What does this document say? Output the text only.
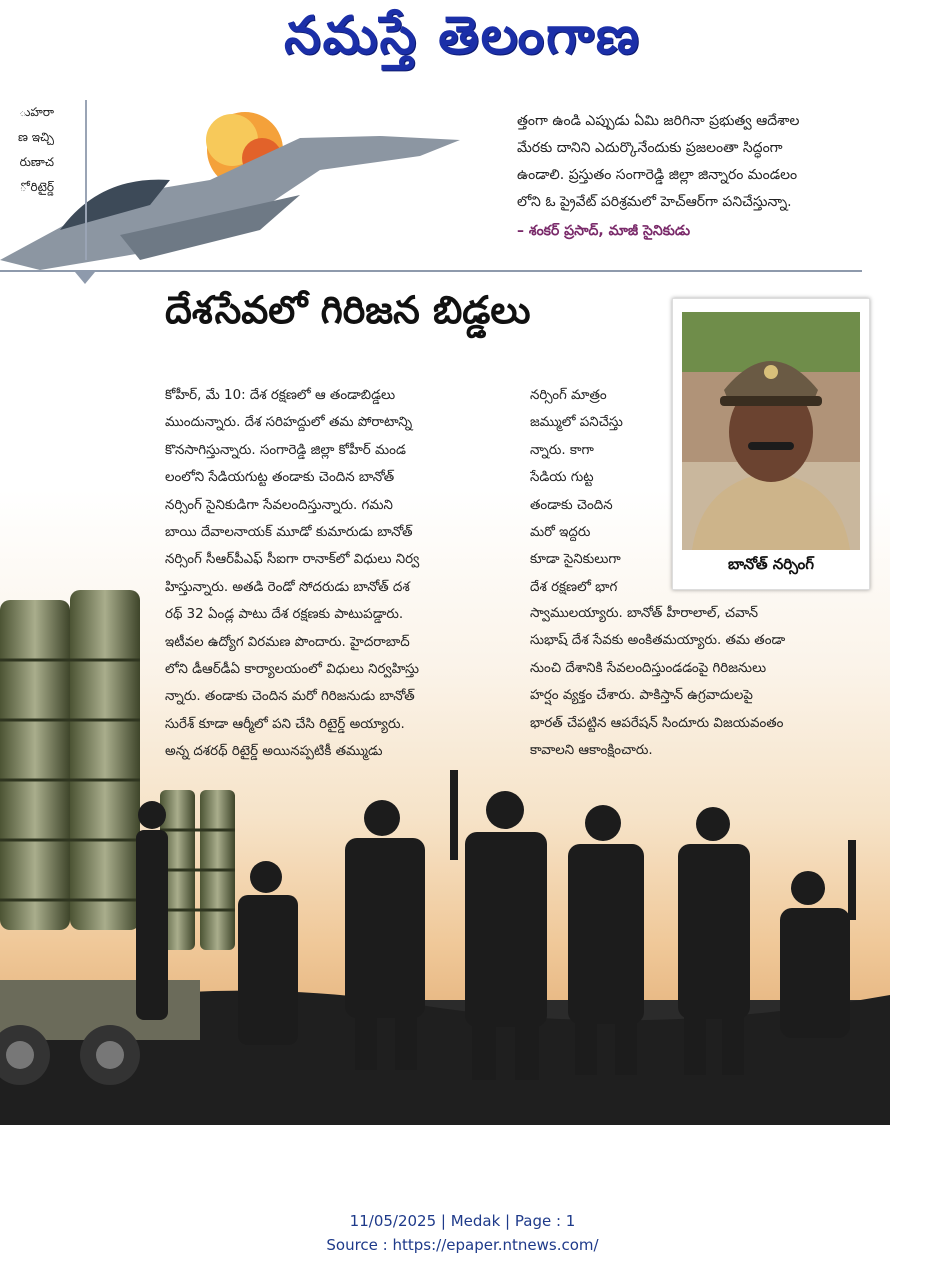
నమస్తే తెలంగాణ
ుహరా
ణ ఇచ్చి
రుణాచ
ో రిటైర్డ్
త్తంగా ఉండి ఎప్పుడు ఏమి జరిగినా ప్రభుత్వ ఆదేశాల
మేరకు దానిని ఎదుర్కొనేందుకు ప్రజలంతా సిద్ధంగా
ఉండాలి. ప్రస్తుతం సంగారెడ్డి జిల్లా జిన్నారం మండలం
లోని ఓ ప్రైవేట్ పరిశ్రమలో హెచ్ఆర్‌గా పనిచేస్తున్నా.
– శంకర్ ప్రసాద్, మాజీ సైనికుడు
దేశసేవలో గిరిజన బిడ్డలు
బానోత్ నర్సింగ్
కోహీర్, మే 10: దేశ రక్షణలో ఆ తండాబిడ్డలు
ముందున్నారు. దేశ సరిహద్దులో తమ పోరాటాన్ని
కొనసాగిస్తున్నారు. సంగారెడ్డి జిల్లా కోహీర్ మండ
లంలోని సేడియగుట్ట తండాకు చెందిన బానోత్
నర్సింగ్ సైనికుడిగా సేవలందిస్తున్నారు. గమని
బాయి దేవాలనాయక్ మూడో కుమారుడు బానోత్
నర్సింగ్ సీఆర్‌పీఎఫ్ సీఐగా రానాక్‌లో విధులు నిర్వ
హిస్తున్నారు. అతడి రెండో సోదరుడు బానోత్ దశ
రథ్ 32 ఏండ్ల పాటు దేశ రక్షణకు పాటుపడ్డారు.
ఇటీవల ఉద్యోగ విరమణ పొందారు. హైదరాబాద్
లోని డీఆర్‌డీఏ కార్యాలయంలో విధులు నిర్వహిస్తు
న్నారు. తండాకు చెందిన మరో గిరిజనుడు బానోత్
సురేశ్ కూడా ఆర్మీలో పని చేసి రిటైర్డ్ అయ్యారు.
అన్న దశరథ్ రిటైర్డ్ అయినప్పటికీ తమ్ముడు
నర్సింగ్ మాత్రం
జమ్ములో పనిచేస్తు
న్నారు. కాగా
సేడియ గుట్ట
తండాకు చెందిన
మరో ఇద్దరు
కూడా సైనికులుగా
దేశ రక్షణలో భాగ
స్వాములయ్యారు. బానోత్ హీరాలాల్, చవాన్
సుభాష్ దేశ సేవకు అంకితమయ్యారు. తమ తండా
నుంచి దేశానికి సేవలందిస్తుండడంపై గిరిజనులు
హర్షం వ్యక్తం చేశారు. పాకిస్తాన్ ఉగ్రవాదులపై
భారత్ చేపట్టిన ఆపరేషన్ సిందూరు విజయవంతం
కావాలని ఆకాంక్షించారు.
11/05/2025 | Medak | Page : 1
Source : https://epaper.ntnews.com/
